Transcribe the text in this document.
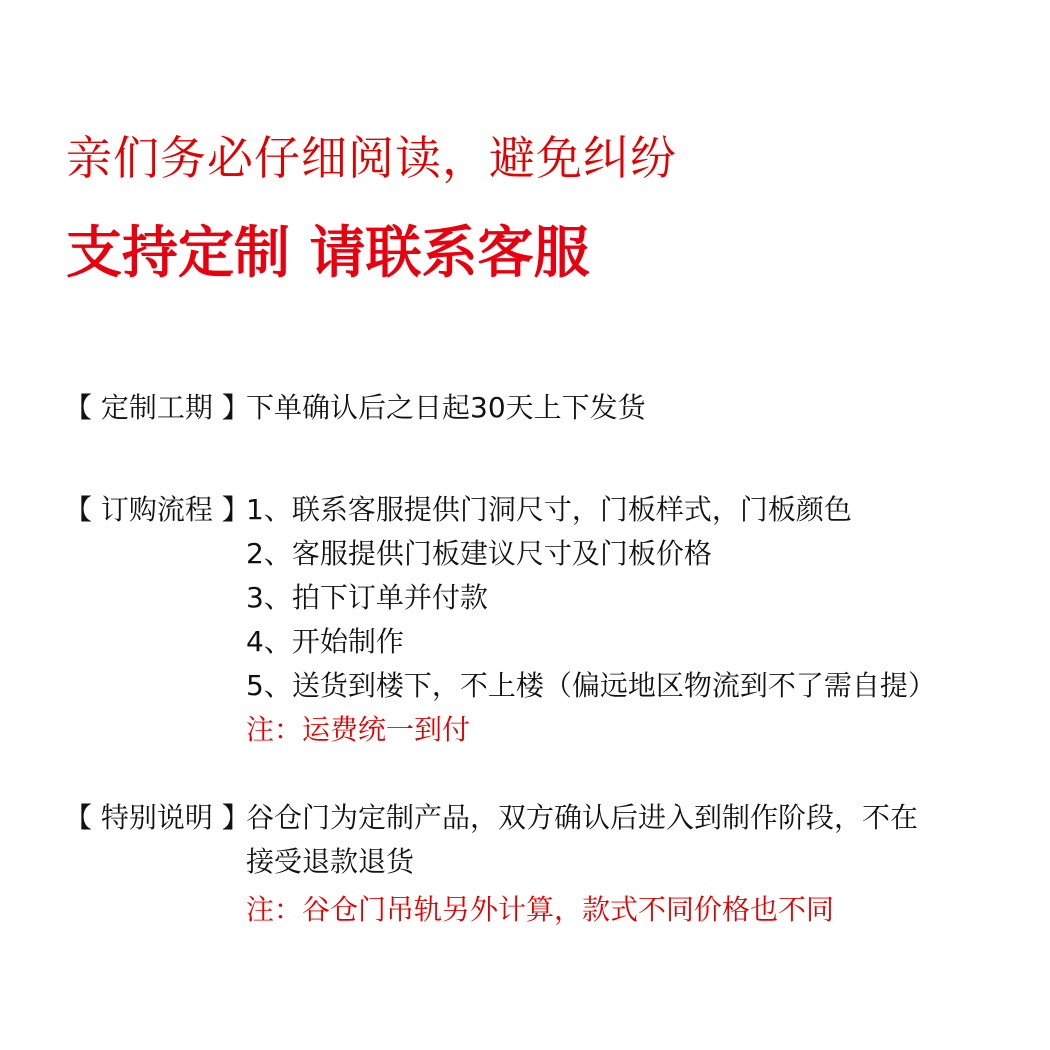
亲们务必仔细阅读，避免纠纷
支持定制 请联系客服
【 定制工期 】
下单确认后之日起30天上下发货
【 订购流程 】
1、联系客服提供门洞尺寸，门板样式，门板颜色
2、客服提供门板建议尺寸及门板价格
3、拍下订单并付款
4、开始制作
5、送货到楼下，不上楼（偏远地区物流到不了需自提）
注：运费统一到付
【 特别说明 】
谷仓门为定制产品，双方确认后进入到制作阶段，不在
接受退款退货
注：谷仓门吊轨另外计算，款式不同价格也不同
